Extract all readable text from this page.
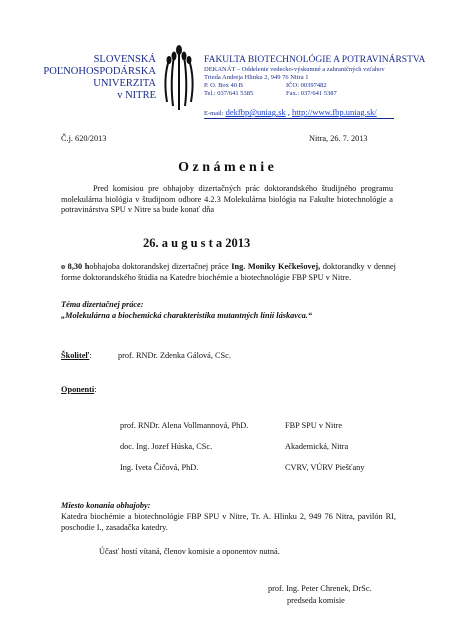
SLOVENSKÁ
POĽNOHOSPODÁRSKA
UNIVERZITA
v NITRE
FAKULTA BIOTECHNOLÓGIE A POTRAVINÁRSTVA
DEKANÁT – Oddelenie vedecko-výskumné a zahraničných vzťahov
Trieda Andreja Hlinku 2, 949 76 Nitra 1
P. O. Box 40 B	IČO: 00397482
Tel.: 037/641 5385	Fax.: 037/641 5387
E-mail: dekfbp@uniag.sk , http://www.fbp.uniag.sk/
Č.j. 620/2013	Nitra, 26. 7. 2013
O z n á m e n i e
Pred komisiou pre obhajoby dizertačných prác doktorandského študijného programu molekulárna biológia v študijnom odbore 4.2.3 Molekulárna biológia na Fakulte biotechnológie a potravinárstva SPU v Nitre sa bude konať dňa
26. a u g u s t a 2013
o 8,30 hobhajoba doktorandskej dizertačnej práce Ing. Moniky Kečkešovej, doktorandky v dennej forme doktorandského štúdia na Katedre biochémie a biotechnológie FBP SPU v Nitre.
Téma dizertačnej práce:
„Molekulárna a biochemická charakteristika mutantných línií láskavca.“
Školiteľ:	prof. RNDr. Zdenka Gálová, CSc.
Oponenti:
prof. RNDr. Alena Vollmannová, PhD.	FBP SPU v Nitre
doc. Ing. Jozef Húska, CSc.	Akademická, Nitra
Ing. Iveta Čičová, PhD.	CVRV, VÚRV Piešťany
Miesto konania obhajoby:
Katedra biochémie a biotechnológie FBP SPU v Nitre, Tr. A. Hlinku 2, 949 76 Nitra, pavilón RI, poschodie I., zasadačka katedry.
Účasť hostí vítaná, členov komisie a oponentov nutná.
prof. Ing. Peter Chrenek, DrSc.
predseda komisie
